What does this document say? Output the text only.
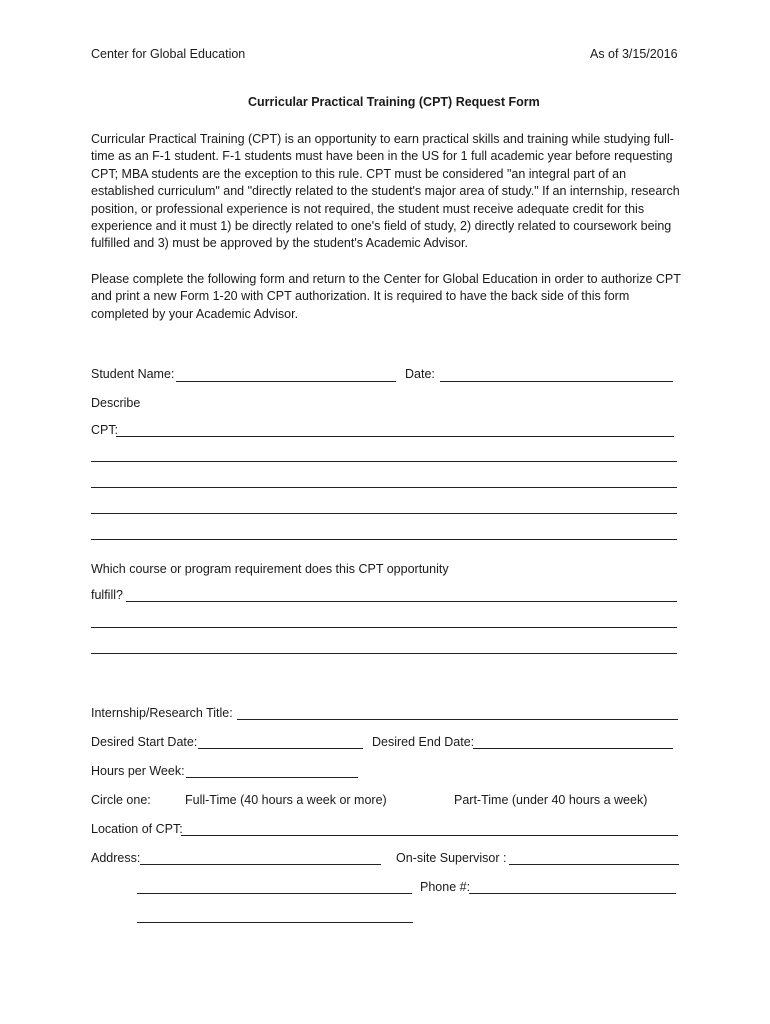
Center for Global Education	As of 3/15/2016
Curricular Practical Training (CPT) Request Form
Curricular Practical Training (CPT) is an opportunity to earn practical skills and training while studying full-time as an F-1 student. F-1 students must have been in the US for 1 full academic year before requesting CPT; MBA students are the exception to this rule. CPT must be considered "an integral part of an established curriculum" and "directly related to the student's major area of study." If an internship, research position, or professional experience is not required, the student must receive adequate credit for this experience and it must 1) be directly related to one's field of study, 2) directly related to coursework being fulfilled and 3) must be approved by the student's Academic Advisor.
Please complete the following form and return to the Center for Global Education in order to authorize CPT and print a new Form 1-20 with CPT authorization. It is required to have the back side of this form completed by your Academic Advisor.
Student Name:	Date:
Describe
CPT:
Which course or program requirement does this CPT opportunity
fulfill?
Internship/Research Title:
Desired Start Date:	Desired End Date:
Hours per Week:
Circle one:	Full-Time (40 hours a week or more)	Part-Time (under 40 hours a week)
Location of CPT:
Address:	On-site Supervisor :
Phone #:
